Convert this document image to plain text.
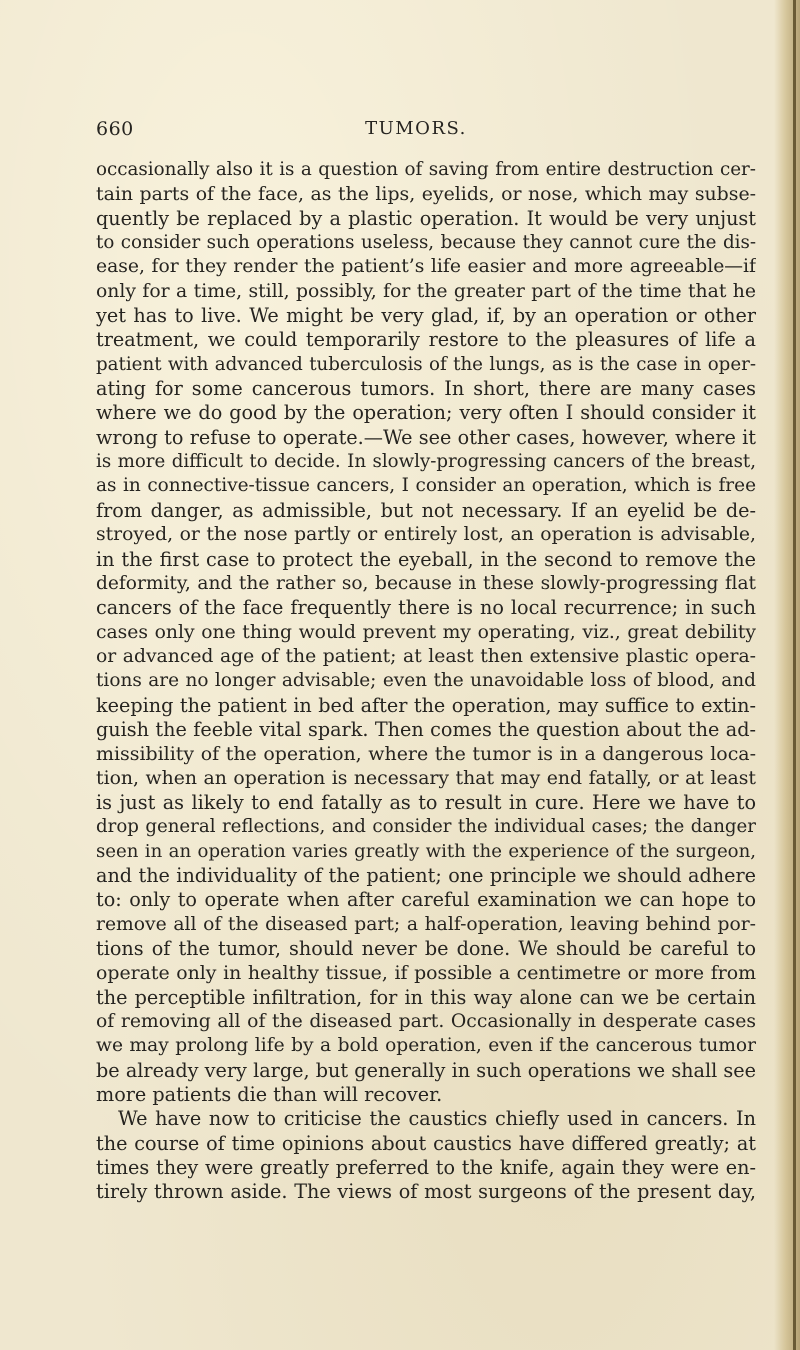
660	TUMORS.
occasionally also it is a question of saving from entire destruction cer-
tain parts of the face, as the lips, eyelids, or nose, which may subse-
quently be replaced by a plastic operation. It would be very unjust
to consider such operations useless, because they cannot cure the dis-
ease, for they render the patient’s life easier and more agreeable—if
only for a time, still, possibly, for the greater part of the time that he
yet has to live. We might be very glad, if, by an operation or other
treatment, we could temporarily restore to the pleasures of life a
patient with advanced tuberculosis of the lungs, as is the case in oper-
ating for some cancerous tumors. In short, there are many cases
where we do good by the operation; very often I should consider it
wrong to refuse to operate.—We see other cases, however, where it
is more difficult to decide. In slowly-progressing cancers of the breast,
as in connective-tissue cancers, I consider an operation, which is free
from danger, as admissible, but not necessary. If an eyelid be de-
stroyed, or the nose partly or entirely lost, an operation is advisable,
in the first case to protect the eyeball, in the second to remove the
deformity, and the rather so, because in these slowly-progressing flat
cancers of the face frequently there is no local recurrence; in such
cases only one thing would prevent my operating, viz., great debility
or advanced age of the patient; at least then extensive plastic opera-
tions are no longer advisable; even the unavoidable loss of blood, and
keeping the patient in bed after the operation, may suffice to extin-
guish the feeble vital spark. Then comes the question about the ad-
missibility of the operation, where the tumor is in a dangerous loca-
tion, when an operation is necessary that may end fatally, or at least
is just as likely to end fatally as to result in cure. Here we have to
drop general reflections, and consider the individual cases; the danger
seen in an operation varies greatly with the experience of the surgeon,
and the individuality of the patient; one principle we should adhere
to: only to operate when after careful examination we can hope to
remove all of the diseased part; a half-operation, leaving behind por-
tions of the tumor, should never be done. We should be careful to
operate only in healthy tissue, if possible a centimetre or more from
the perceptible infiltration, for in this way alone can we be certain
of removing all of the diseased part. Occasionally in desperate cases
we may prolong life by a bold operation, even if the cancerous tumor
be already very large, but generally in such operations we shall see
more patients die than will recover.
We have now to criticise the caustics chiefly used in cancers. In
the course of time opinions about caustics have differed greatly; at
times they were greatly preferred to the knife, again they were en-
tirely thrown aside. The views of most surgeons of the present day,
